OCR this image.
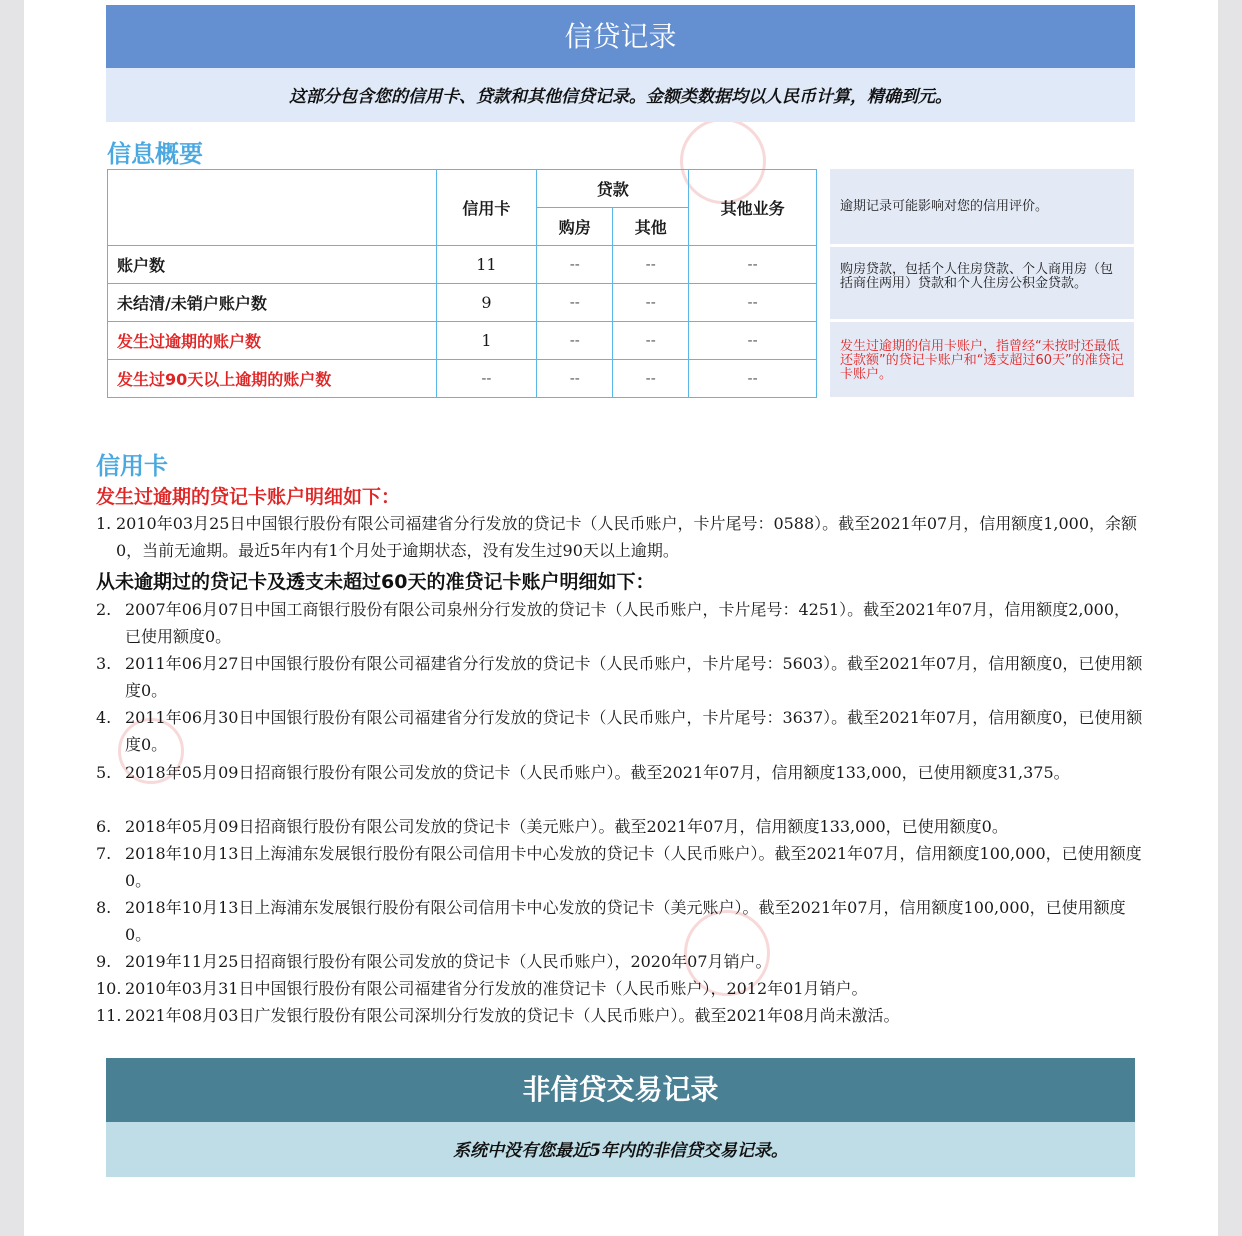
信贷记录
这部分包含您的信用卡、贷款和其他信贷记录。金额类数据均以人民币计算，精确到元。
信息概要
	信用卡	贷款		其他业务
		购房	其他	
账户数	11	--	--	--
未结清/未销户账户数	9	--	--	--
发生过逾期的账户数	1	--	--	--
发生过90天以上逾期的账户数	--	--	--	--
逾期记录可能影响对您的信用评价。
购房贷款，包括个人住房贷款、个人商用房（包括商住两用）贷款和个人住房公积金贷款。
发生过逾期的信用卡账户，指曾经“未按时还最低还款额”的贷记卡账户和“透支超过60天”的准贷记卡账户。
信用卡
发生过逾期的贷记卡账户明细如下：
1. 2010年03月25日中国银行股份有限公司福建省分行发放的贷记卡（人民币账户，卡片尾号：0588）。截至2021年07月，信用额度1,000，余额0，当前无逾期。最近5年内有1个月处于逾期状态，没有发生过90天以上逾期。
从未逾期过的贷记卡及透支未超过60天的准贷记卡账户明细如下：
2. 2007年06月07日中国工商银行股份有限公司泉州分行发放的贷记卡（人民币账户，卡片尾号：4251）。截至2021年07月，信用额度2,000，已使用额度0。
3. 2011年06月27日中国银行股份有限公司福建省分行发放的贷记卡（人民币账户，卡片尾号：5603）。截至2021年07月，信用额度0，已使用额度0。
4. 2011年06月30日中国银行股份有限公司福建省分行发放的贷记卡（人民币账户，卡片尾号：3637）。截至2021年07月，信用额度0，已使用额度0。
5. 2018年05月09日招商银行股份有限公司发放的贷记卡（人民币账户）。截至2021年07月，信用额度133,000，已使用额度31,375。
6. 2018年05月09日招商银行股份有限公司发放的贷记卡（美元账户）。截至2021年07月，信用额度133,000，已使用额度0。
7. 2018年10月13日上海浦东发展银行股份有限公司信用卡中心发放的贷记卡（人民币账户）。截至2021年07月，信用额度100,000，已使用额度0。
8. 2018年10月13日上海浦东发展银行股份有限公司信用卡中心发放的贷记卡（美元账户）。截至2021年07月，信用额度100,000，已使用额度0。
9. 2019年11月25日招商银行股份有限公司发放的贷记卡（人民币账户），2020年07月销户。
10. 2010年03月31日中国银行股份有限公司福建省分行发放的准贷记卡（人民币账户），2012年01月销户。
11. 2021年08月03日广发银行股份有限公司深圳分行发放的贷记卡（人民币账户）。截至2021年08月尚未激活。
非信贷交易记录
系统中没有您最近5年内的非信贷交易记录。
